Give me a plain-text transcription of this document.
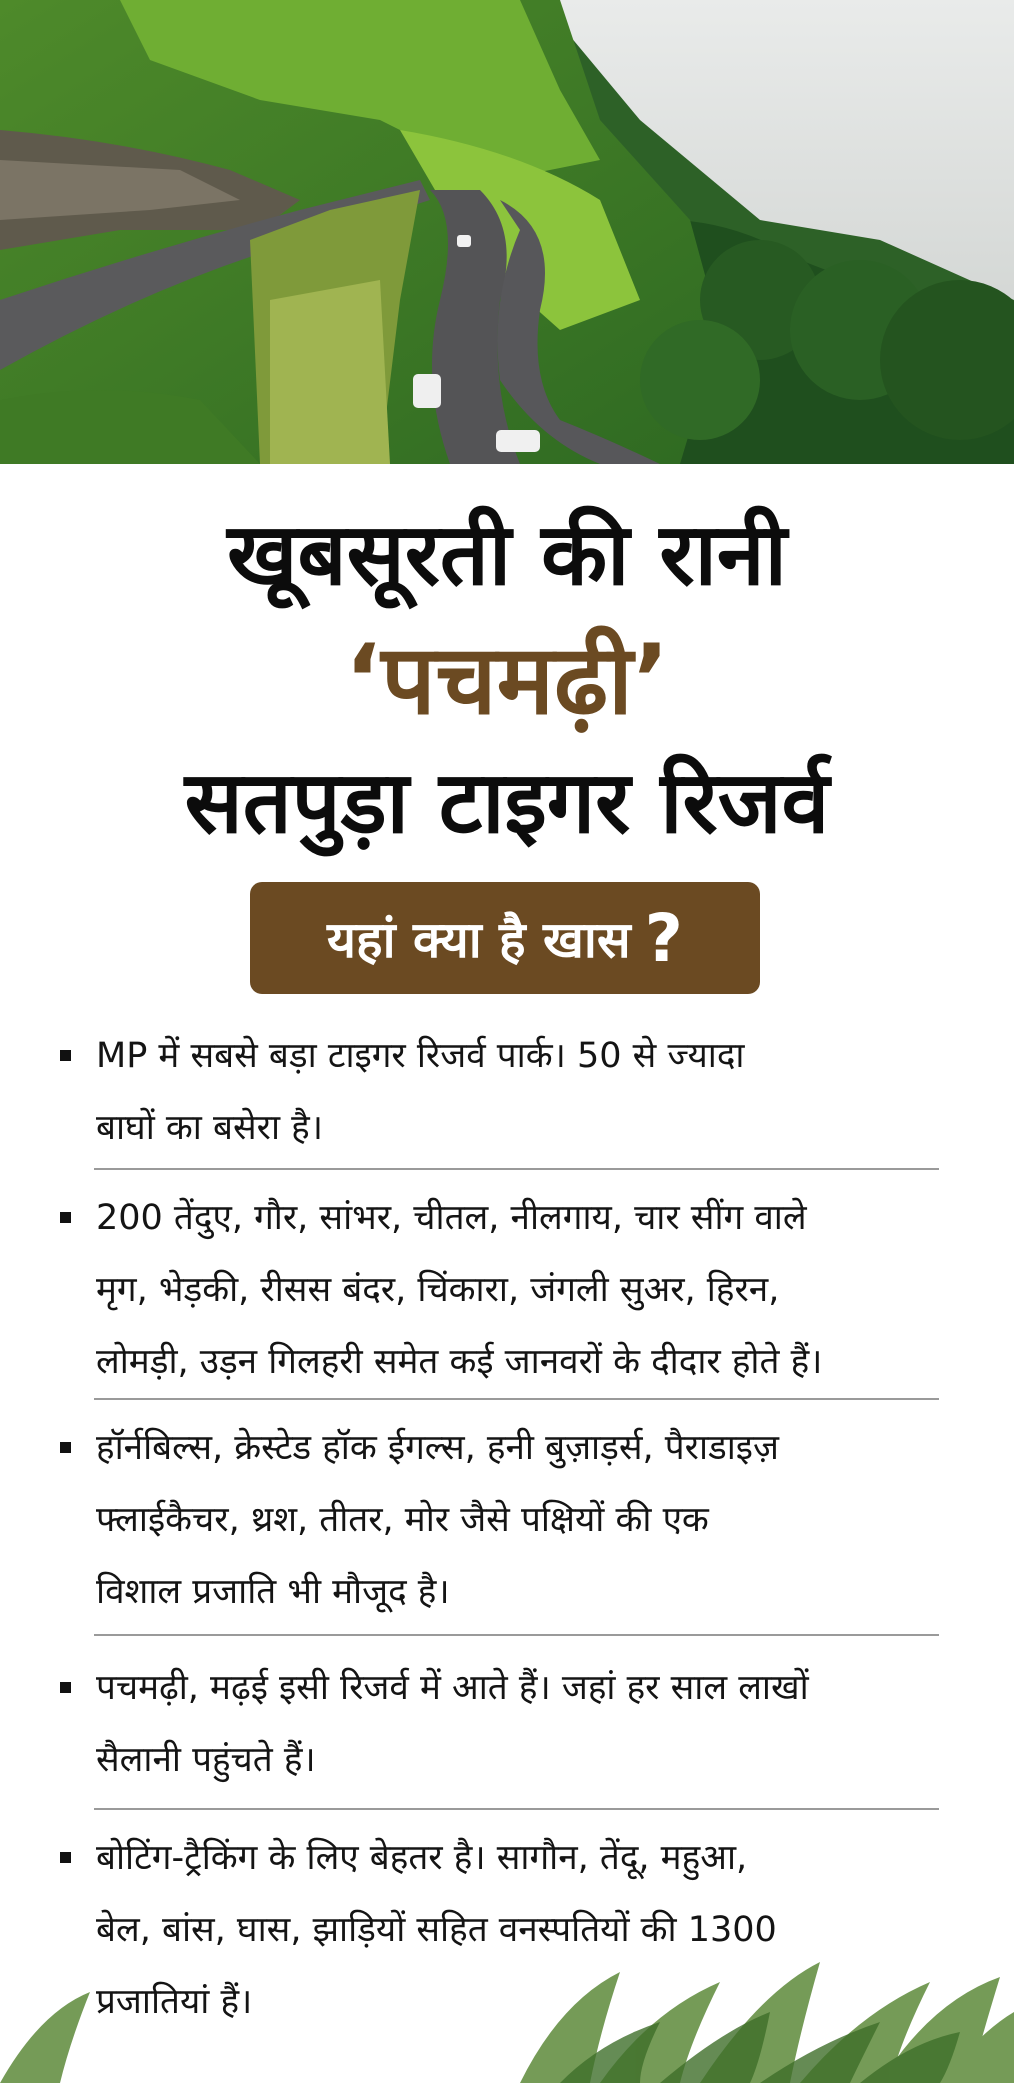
खूबसूरती की रानी
‘पचमढ़ी’
सतपुड़ा टाइगर रिजर्व
यहां क्या है खास ?

MP में सबसे बड़ा टाइगर रिजर्व पार्क। 50 से ज्यादा

बाघों का बसेरा है।

200 तेंदुए, गौर, सांभर, चीतल, नीलगाय, चार सींग वाले

मृग, भेड़की, रीसस बंदर, चिंकारा, जंगली सुअर, हिरन,

लोमड़ी, उड़न गिलहरी समेत कई जानवरों के दीदार होते हैं।

हॉर्नबिल्स, क्रेस्टेड हॉक ईगल्स, हनी बुज़ाड़र्स, पैराडाइज़

फ्लाईकैचर, थ्रश, तीतर, मोर जैसे पक्षियों की एक

विशाल प्रजाति भी मौजूद है।

पचमढ़ी, मढ़ई इसी रिजर्व में आते हैं। जहां हर साल लाखों

सैलानी पहुंचते हैं।

बोटिंग-ट्रैकिंग के लिए बेहतर है। सागौन, तेंदू, महुआ,

बेल, बांस, घास, झाड़ियों सहित वनस्पतियों की 1300

प्रजातियां हैं।
